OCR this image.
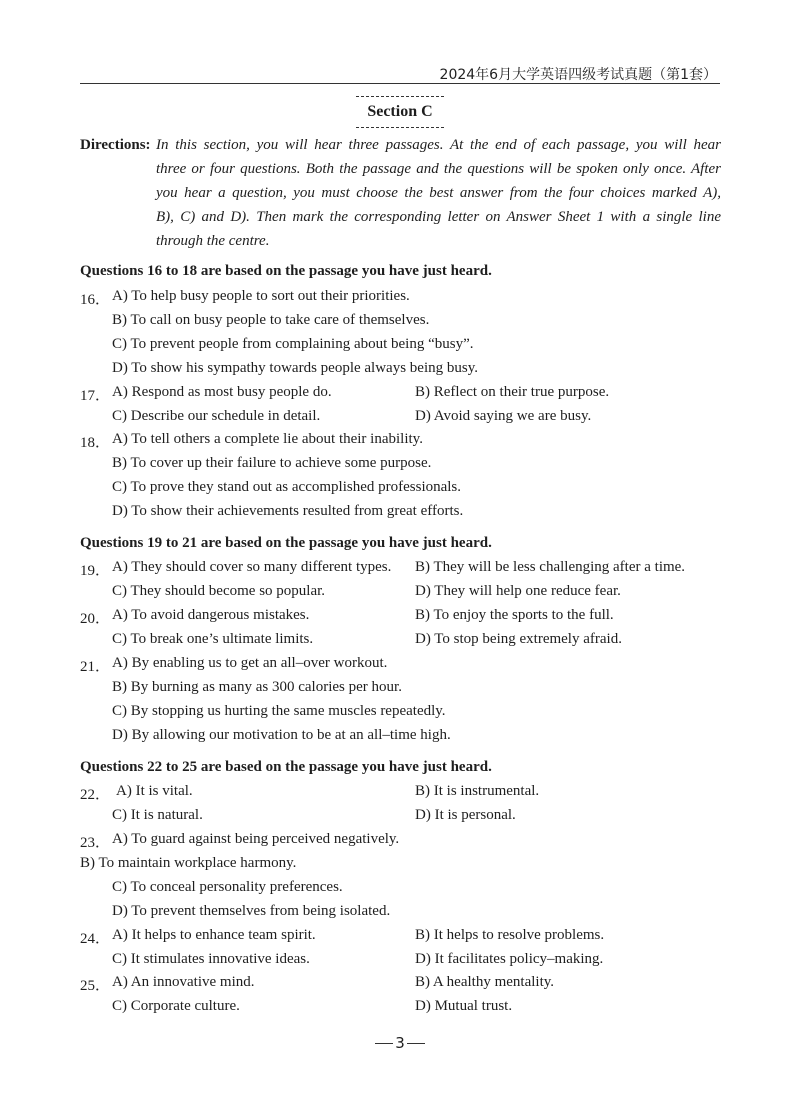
2024年6月大学英语四级考试真题（第1套）
Section C
Directions: In this section, you will hear three passages. At the end of each passage, you will hear
three or four questions. Both the passage and the questions will be spoken only once. After
you hear a question, you must choose the best answer from the four choices marked A),
B), C) and D). Then mark the corresponding letter on Answer Sheet 1 with a single line
through the centre.
Questions 16 to 18 are based on the passage you have just heard.
16． A) To help busy people to sort out their priorities.
B) To call on busy people to take care of themselves.
C) To prevent people from complaining about being “busy”.
D) To show his sympathy towards people always being busy.
17． A) Respond as most busy people do.	B) Reflect on their true purpose.
C) Describe our schedule in detail.	D) Avoid saying we are busy.
18． A) To tell others a complete lie about their inability.
B) To cover up their failure to achieve some purpose.
C) To prove they stand out as accomplished professionals.
D) To show their achievements resulted from great efforts.
Questions 19 to 21 are based on the passage you have just heard.
19． A) They should cover so many different types. B) They will be less challenging after a time.
C) They should become so popular.	D) They will help one reduce fear.
20． A) To avoid dangerous mistakes.	B) To enjoy the sports to the full.
C) To break one’s ultimate limits.	D) To stop being extremely afraid.
21． A) By enabling us to get an all–over workout.
B) By burning as many as 300 calories per hour.
C) By stopping us hurting the same muscles repeatedly.
D) By allowing our motivation to be at an all–time high.
Questions 22 to 25 are based on the passage you have just heard.
22． A) It is vital.	B) It is instrumental.
C) It is natural.	D) It is personal.
23． A) To guard against being perceived negatively.
B) To maintain workplace harmony.
C) To conceal personality preferences.
D) To prevent themselves from being isolated.
24． A) It helps to enhance team spirit.	B) It helps to resolve problems.
C) It stimulates innovative ideas.	D) It facilitates policy–making.
25． A) An innovative mind.	B) A healthy mentality.
C) Corporate culture.	D) Mutual trust.
3
